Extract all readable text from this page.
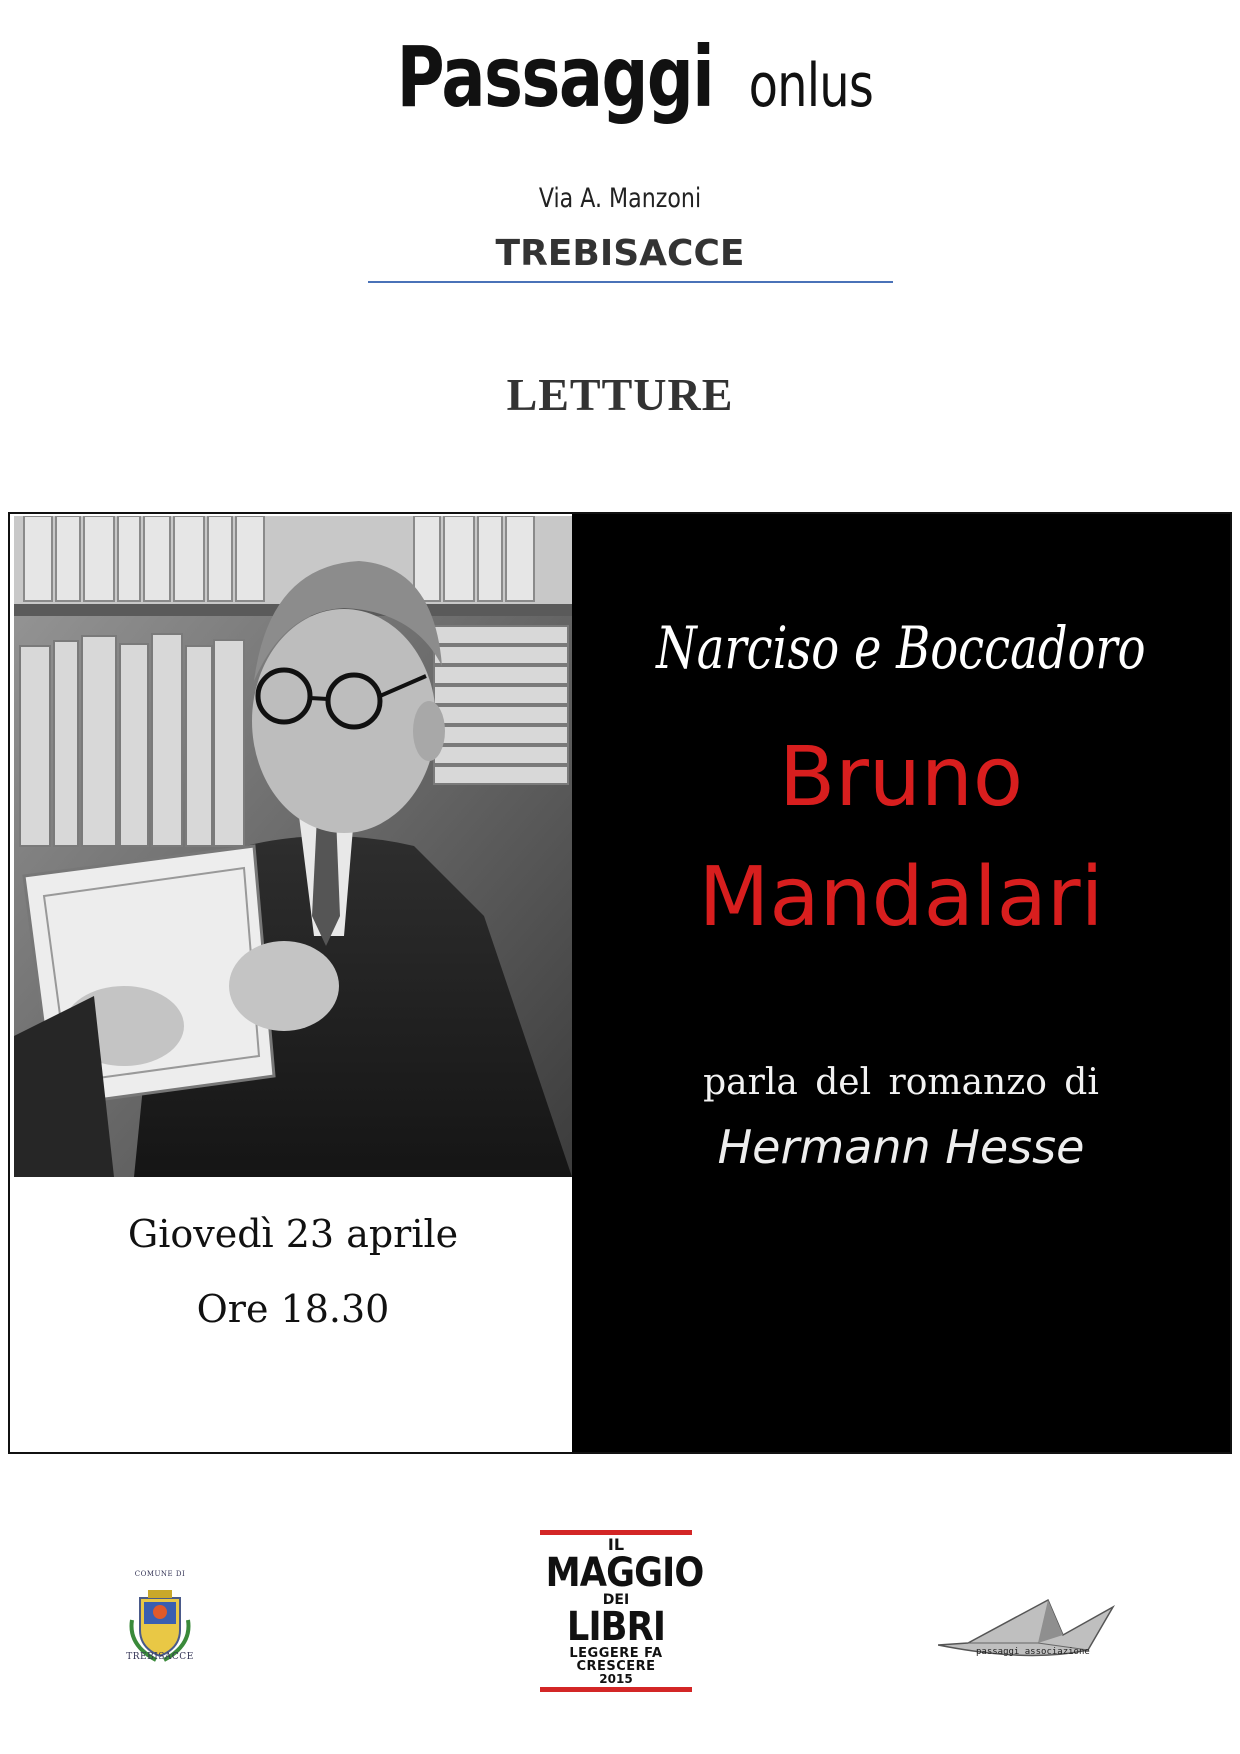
Passaggi onlus
Via A. Manzoni
TREBISACCE
LETTURE
Giovedì 23 aprile
Ore 18.30
Narciso e Boccadoro
Bruno
Mandalari
parla del romanzo di
Hermann Hesse
COMUNE DI
TREBISACCE
IL
MAGGIO
DEI
LIBRI
LEGGERE FA CRESCERE
2015
passaggi associazione
